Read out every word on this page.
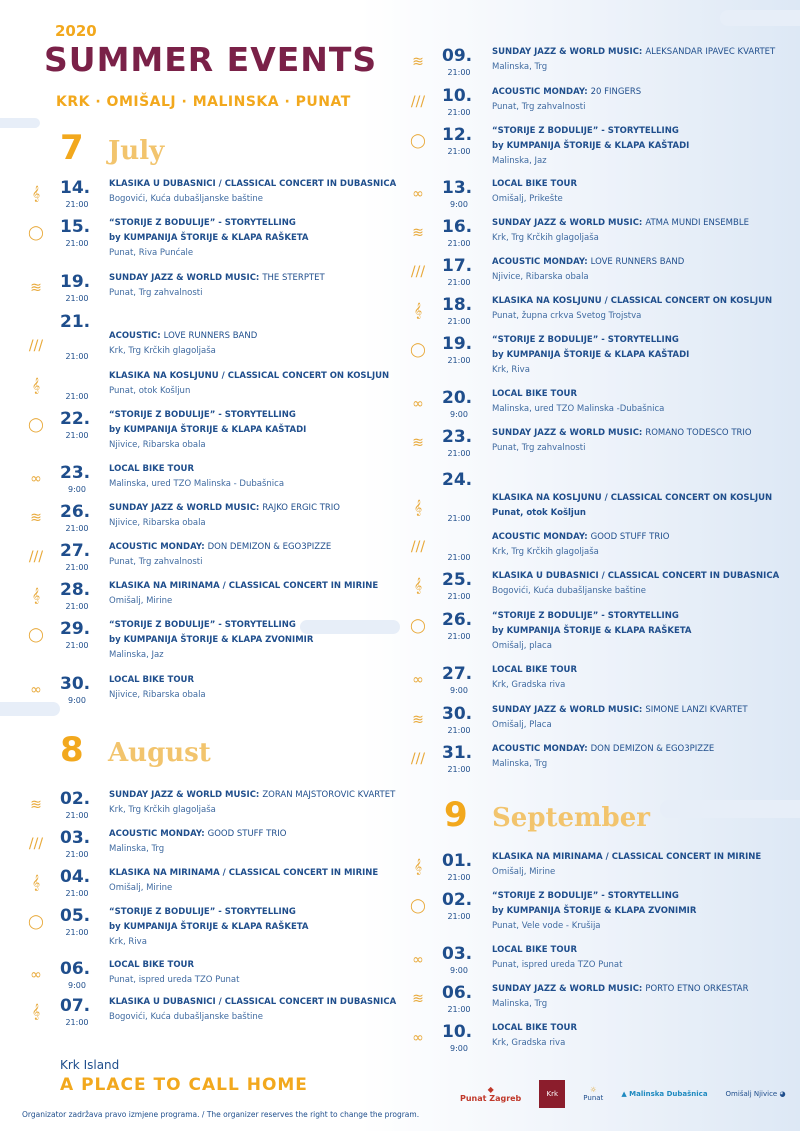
2020
SUMMER EVENTS
KRK · OMIŠALJ · MALINSKA · PUNAT
7 July
8 August
9 September
𝄞	14.
21:00
KLASIKA U DUBAŠNICI / CLASSICAL CONCERT IN DUBAŠNICA
Bogovići, Kuća dubašljanske baštine
◯ 15.
21:00
“ŠTORIJE Z BODULIJE” - STORYTELLING
by KUMPANIJA ŠTORIJE & KLAPA RAŠKETA
Punat, Riva Punćale
≋ 19.
21:00
SUNDAY JAZZ & WORLD MUSIC: THE STERPTET
Punat, Trg zahvalnosti
21.
///
21:00
ACOUSTIC: LOVE RUNNERS BAND
Krk, Trg Krčkih glagoljaša
𝄞
21:00
KLASIKA NA KOŠLJUNU / CLASSICAL CONCERT ON KOŠLJUN
Punat, otok Košljun
◯ 22.
21:00
“ŠTORIJE Z BODULIJE” - STORYTELLING
by KUMPANIJA ŠTORIJE & KLAPA KAŠTADI
Njivice, Ribarska obala
∞ 23.
9:00
LOCAL BIKE TOUR
Malinska, ured TZO Malinska - Dubašnica
≋ 26.
21:00
SUNDAY JAZZ & WORLD MUSIC: RAJKO ERGIĆ TRIO
Njivice, Ribarska obala
/// 27.
21:00
ACOUSTIC MONDAY: DON DEMIŽON & EGO3PIZZE
Punat, Trg zahvalnosti
𝄞	28.
21:00
KLASIKA NA MIRINAMA / CLASSICAL CONCERT IN MIRINE
Omišalj, Mirine
◯ 29.
21:00
“ŠTORIJE Z BODULIJE” - STORYTELLING
by KUMPANIJA ŠTORIJE & KLAPA ZVONIMIR
Malinska, Jaz
∞ 30.
9:00
LOCAL BIKE TOUR
Njivice, Ribarska obala
≋ 02.
21:00
SUNDAY JAZZ & WORLD MUSIC: ZORAN MAJSTOROVIĆ KVARTET
Krk, Trg Krčkih glagoljaša
/// 03.
21:00
ACOUSTIC MONDAY: GOOD STUFF TRIO
Malinska, Trg
𝄞	04.
21:00
KLASIKA NA MIRINAMA / CLASSICAL CONCERT IN MIRINE
Omišalj, Mirine
◯ 05.
21:00
“ŠTORIJE Z BODULIJE” - STORYTELLING
by KUMPANIJA ŠTORIJE & KLAPA RAŠKETA
Krk, Riva
∞ 06.
9:00
LOCAL BIKE TOUR
Punat, ispred ureda TZO Punat
𝄞	07.
21:00
KLASIKA U DUBAŠNICI / CLASSICAL CONCERT IN DUBAŠNICA
Bogovići, Kuća dubašljanske baštine
≋ 09.
21:00
SUNDAY JAZZ & WORLD MUSIC: ALEKSANDAR IPAVEC KVARTET
Malinska, Trg
/// 10.
21:00
ACOUSTIC MONDAY: 20 FINGERS
Punat, Trg zahvalnosti
◯ 12.
21:00
“ŠTORIJE Z BODULIJE” - STORYTELLING
by KUMPANIJA ŠTORIJE & KLAPA KAŠTADI
Malinska, Jaz
∞ 13.
9:00
LOCAL BIKE TOUR
Omišalj, Prikešte
≋ 16.
21:00
SUNDAY JAZZ & WORLD MUSIC: ATMA MUNDI ENSEMBLE
Krk, Trg Krčkih glagoljaša
/// 17.
21:00
ACOUSTIC MONDAY: LOVE RUNNERS BAND
Njivice, Ribarska obala
𝄞	18.
21:00
KLASIKA NA KOŠLJUNU / CLASSICAL CONCERT ON KOŠLJUN
Punat, župna crkva Svetog Trojstva
◯ 19.
21:00
“ŠTORIJE Z BODULIJE” - STORYTELLING
by KUMPANIJA ŠTORIJE & KLAPA KAŠTADI
Krk, Riva
∞ 20.
9:00
LOCAL BIKE TOUR
Malinska, ured TZO Malinska -Dubašnica
≋ 23.
21:00
SUNDAY JAZZ & WORLD MUSIC: ROMANO TODESCO TRIO
Punat, Trg zahvalnosti
24.
𝄞
21:00
KLASIKA NA KOŠLJUNU / CLASSICAL CONCERT ON KOŠLJUN
Punat, otok Košljun
///
21:00
ACOUSTIC MONDAY: GOOD STUFF TRIO
Krk, Trg Krčkih glagoljaša
𝄞	25.
21:00
KLASIKA U DUBAŠNICI / CLASSICAL CONCERT IN DUBAŠNICA
Bogovići, Kuća dubašljanske baštine
◯ 26.
21:00
“ŠTORIJE Z BODULIJE” - STORYTELLING
by KUMPANIJA ŠTORIJE & KLAPA RAŠKETA
Omišalj, placa
∞ 27.
9:00
LOCAL BIKE TOUR
Krk, Gradska riva
≋ 30.
21:00
SUNDAY JAZZ & WORLD MUSIC: SIMONE LANZI KVARTET
Omišalj, Placa
/// 31.
21:00
ACOUSTIC MONDAY: DON DEMIŽON & EGO3PIZZE
Malinska, Trg
𝄞	01.
21:00
KLASIKA NA MIRINAMA / CLASSICAL CONCERT IN MIRINE
Omišalj, Mirine
◯ 02.
21:00
“ŠTORIJE Z BODULIJE” - STORYTELLING
by KUMPANIJA ŠTORIJE & KLAPA ZVONIMIR
Punat, Vele vode - Krušija
∞ 03.
9:00
LOCAL BIKE TOUR
Punat, ispred ureda TZO Punat
≋ 06.
21:00
SUNDAY JAZZ & WORLD MUSIC: PORTO ETNO ORKESTAR
Malinska, Trg
∞ 10.
9:00
LOCAL BIKE TOUR
Krk, Gradska riva
Krk Island
A PLACE TO CALL HOME
Organizator zadržava pravo izmjene programa. / The organizer reserves the right to change the program.
◆
Punat Zagreb	Krk	☼
Punat	▲ Malinska Dubašnica	Omišalj Njivice ◕
